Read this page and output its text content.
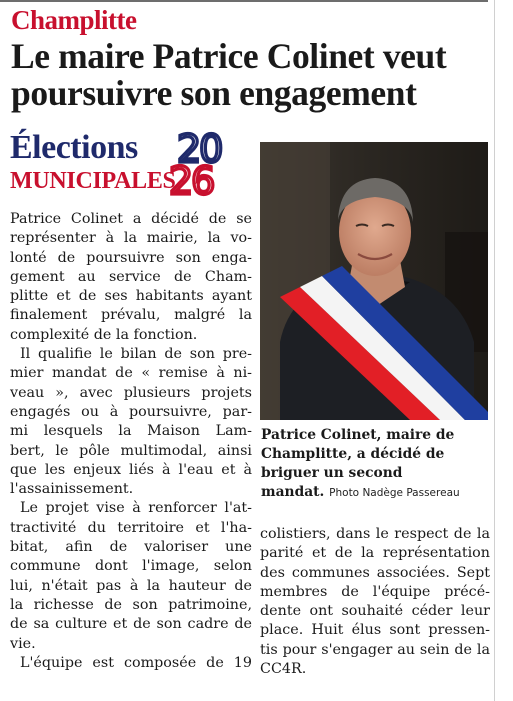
Champlitte
Le maire Patrice Colinet veut
poursuivre son engagement
Élections
MUNICIPALES
20
26
Patrice Colinet a décidé de se
représenter à la mairie, la vo-
lonté de poursuivre son enga-
gement au service de Cham-
plitte et de ses habitants ayant
finalement prévalu, malgré la
complexité de la fonction.
Il qualifie le bilan de son pre-
mier mandat de « remise à ni-
veau », avec plusieurs projets
engagés ou à poursuivre, par-
mi lesquels la Maison Lam-
bert, le pôle multimodal, ainsi
que les enjeux liés à l'eau et à
l'assainissement.
Le projet vise à renforcer l'at-
tractivité du territoire et l'ha-
bitat, afin de valoriser une
commune dont l'image, selon
lui, n'était pas à la hauteur de
la richesse de son patrimoine,
de sa culture et de son cadre de
vie.
L'équipe est composée de 19
Patrice Colinet, maire de
Champlitte, a décidé de
briguer un second
mandat. Photo Nadège Passereau
colistiers, dans le respect de la
parité et de la représentation
des communes associées. Sept
membres de l'équipe précé-
dente ont souhaité céder leur
place. Huit élus sont pressen-
tis pour s'engager au sein de la
CC4R.
